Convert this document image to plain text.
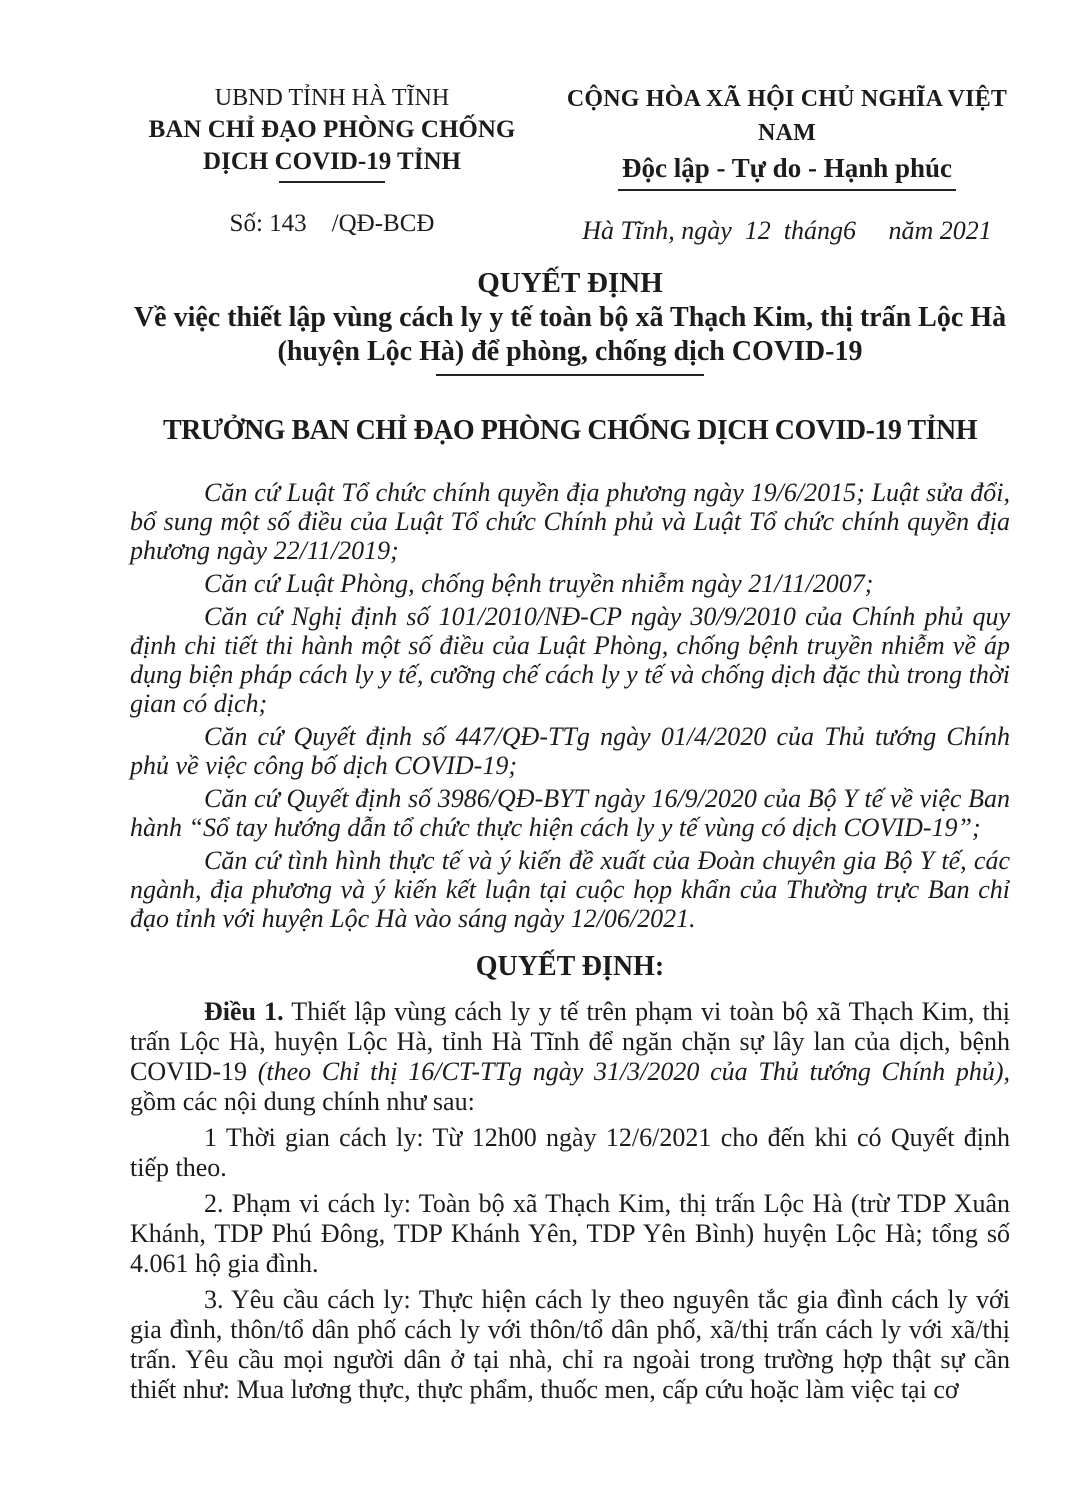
UBND TỈNH HÀ TĨNH
BAN CHỈ ĐẠO PHÒNG CHỐNG
DỊCH COVID-19 TỈNH
Số: 143    /QĐ-BCĐ
CỘNG HÒA XÃ HỘI CHỦ NGHĨA VIỆT NAM
Độc lập - Tự do - Hạnh phúc
Hà Tĩnh, ngày  12  tháng6     năm 2021
QUYẾT ĐỊNH
Về việc thiết lập vùng cách ly y tế toàn bộ xã Thạch Kim, thị trấn Lộc Hà
(huyện Lộc Hà) để phòng, chống dịch COVID-19
TRƯỞNG BAN CHỈ ĐẠO PHÒNG CHỐNG DỊCH COVID-19 TỈNH

Căn cứ Luật Tổ chức chính quyền địa phương ngày 19/6/2015; Luật sửa đổi, bổ sung một số điều của Luật Tổ chức Chính phủ và Luật Tổ chức chính quyền địa phương ngày 22/11/2019;

Căn cứ Luật Phòng, chống bệnh truyền nhiễm ngày 21/11/2007;

Căn cứ Nghị định số 101/2010/NĐ-CP ngày 30/9/2010 của Chính phủ quy định chi tiết thi hành một số điều của Luật Phòng, chống bệnh truyền nhiễm về áp dụng biện pháp cách ly y tế, cưỡng chế cách ly y tế và chống dịch đặc thù trong thời gian có dịch;

Căn cứ Quyết định số 447/QĐ-TTg ngày 01/4/2020 của Thủ tướng Chính phủ về việc công bố dịch COVID-19;

Căn cứ Quyết định số 3986/QĐ-BYT ngày 16/9/2020 của Bộ Y tế về việc Ban hành “Sổ tay hướng dẫn tổ chức thực hiện cách ly y tế vùng có dịch COVID-19”;

Căn cứ tình hình thực tế và ý kiến đề xuất của Đoàn chuyên gia Bộ Y tế, các ngành, địa phương và ý kiến kết luận tại cuộc họp khẩn của Thường trực Ban chỉ đạo tỉnh với huyện Lộc Hà vào sáng ngày 12/06/2021.

QUYẾT ĐỊNH:

Điều 1. Thiết lập vùng cách ly y tế trên phạm vi toàn bộ xã Thạch Kim, thị trấn Lộc Hà, huyện Lộc Hà, tỉnh Hà Tĩnh để ngăn chặn sự lây lan của dịch, bệnh COVID-19 (theo Chỉ thị 16/CT-TTg ngày 31/3/2020 của Thủ tướng Chính phủ), gồm các nội dung chính như sau:

1 Thời gian cách ly: Từ 12h00 ngày 12/6/2021 cho đến khi có Quyết định tiếp theo.

2. Phạm vi cách ly: Toàn bộ xã Thạch Kim, thị trấn Lộc Hà (trừ TDP Xuân Khánh, TDP Phú Đông, TDP Khánh Yên, TDP Yên Bình) huyện Lộc Hà; tổng số 4.061 hộ gia đình.

3. Yêu cầu cách ly: Thực hiện cách ly theo nguyên tắc gia đình cách ly với gia đình, thôn/tổ dân phố cách ly với thôn/tổ dân phố, xã/thị trấn cách ly với xã/thị trấn. Yêu cầu mọi người dân ở tại nhà, chỉ ra ngoài trong trường hợp thật sự cần thiết như: Mua lương thực, thực phẩm, thuốc men, cấp cứu hoặc làm việc tại cơ
